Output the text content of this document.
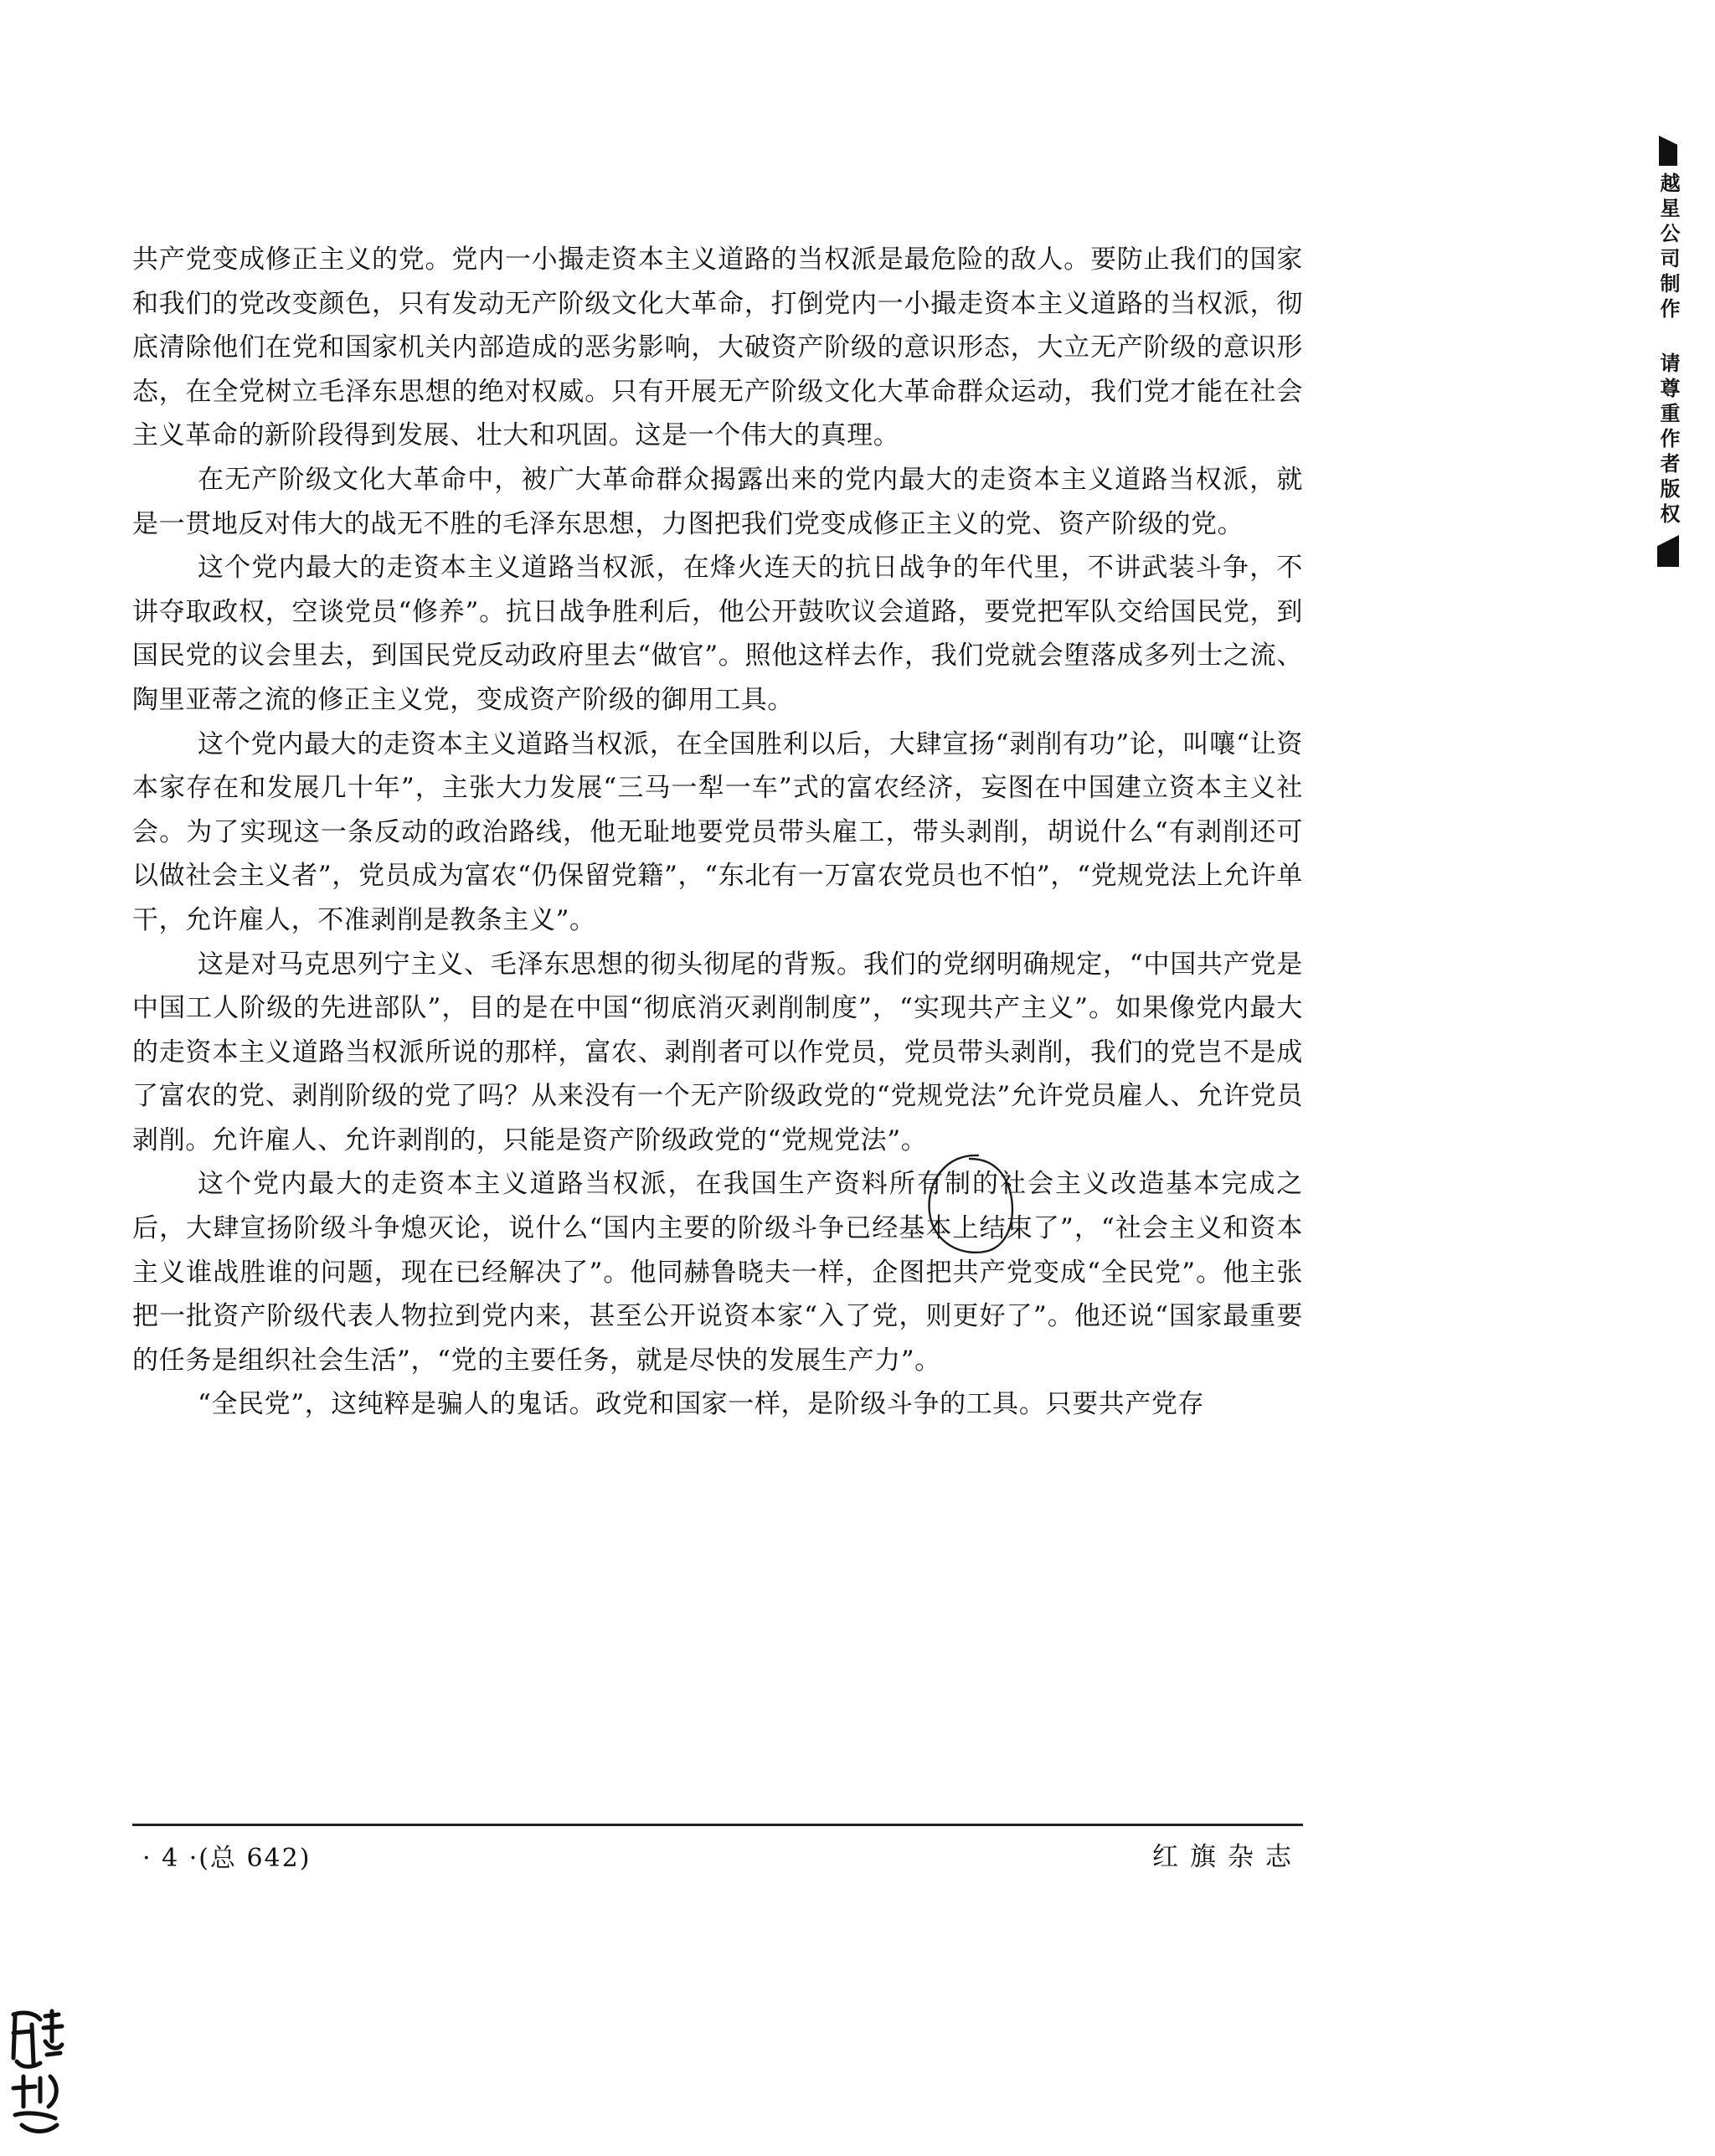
越星公司制作 请尊重作者版权

共产党变成修正主义的党。党内一小撮走资本主义道路的当权派是最危险的敌人。要防止我们的国家和我们的党改变颜色，只有发动无产阶级文化大革命，打倒党内一小撮走资本主义道路的当权派，彻底清除他们在党和国家机关内部造成的恶劣影响，大破资产阶级的意识形态，大立无产阶级的意识形态，在全党树立毛泽东思想的绝对权威。只有开展无产阶级文化大革命群众运动，我们党才能在社会主义革命的新阶段得到发展、壮大和巩固。这是一个伟大的真理。

在无产阶级文化大革命中，被广大革命群众揭露出来的党内最大的走资本主义道路当权派，就是一贯地反对伟大的战无不胜的毛泽东思想，力图把我们党变成修正主义的党、资产阶级的党。

这个党内最大的走资本主义道路当权派，在烽火连天的抗日战争的年代里，不讲武装斗争，不讲夺取政权，空谈党员“修养”。抗日战争胜利后，他公开鼓吹议会道路，要党把军队交给国民党，到国民党的议会里去，到国民党反动政府里去“做官”。照他这样去作，我们党就会堕落成多列士之流、陶里亚蒂之流的修正主义党，变成资产阶级的御用工具。

这个党内最大的走资本主义道路当权派，在全国胜利以后，大肆宣扬“剥削有功”论，叫嚷“让资本家存在和发展几十年”，主张大力发展“三马一犁一车”式的富农经济，妄图在中国建立资本主义社会。为了实现这一条反动的政治路线，他无耻地要党员带头雇工，带头剥削，胡说什么“有剥削还可以做社会主义者”，党员成为富农“仍保留党籍”，“东北有一万富农党员也不怕”，“党规党法上允许单干，允许雇人，不准剥削是教条主义”。

这是对马克思列宁主义、毛泽东思想的彻头彻尾的背叛。我们的党纲明确规定，“中国共产党是中国工人阶级的先进部队”，目的是在中国“彻底消灭剥削制度”，“实现共产主义”。如果像党内最大的走资本主义道路当权派所说的那样，富农、剥削者可以作党员，党员带头剥削，我们的党岂不是成了富农的党、剥削阶级的党了吗？从来没有一个无产阶级政党的“党规党法”允许党员雇人、允许党员剥削。允许雇人、允许剥削的，只能是资产阶级政党的“党规党法”。

这个党内最大的走资本主义道路当权派，在我国生产资料所有制的社会主义改造基本完成之后，大肆宣扬阶级斗争熄灭论，说什么“国内主要的阶级斗争已经基本上结束了”，“社会主义和资本主义谁战胜谁的问题，现在已经解决了”。他同赫鲁晓夫一样，企图把共产党变成“全民党”。他主张把一批资产阶级代表人物拉到党内来，甚至公开说资本家“入了党，则更好了”。他还说“国家最重要的任务是组织社会生活”，“党的主要任务，就是尽快的发展生产力”。

“全民党”，这纯粹是骗人的鬼话。政党和国家一样，是阶级斗争的工具。只要共产党存

· 4 ·(总 642)	红旗杂志
